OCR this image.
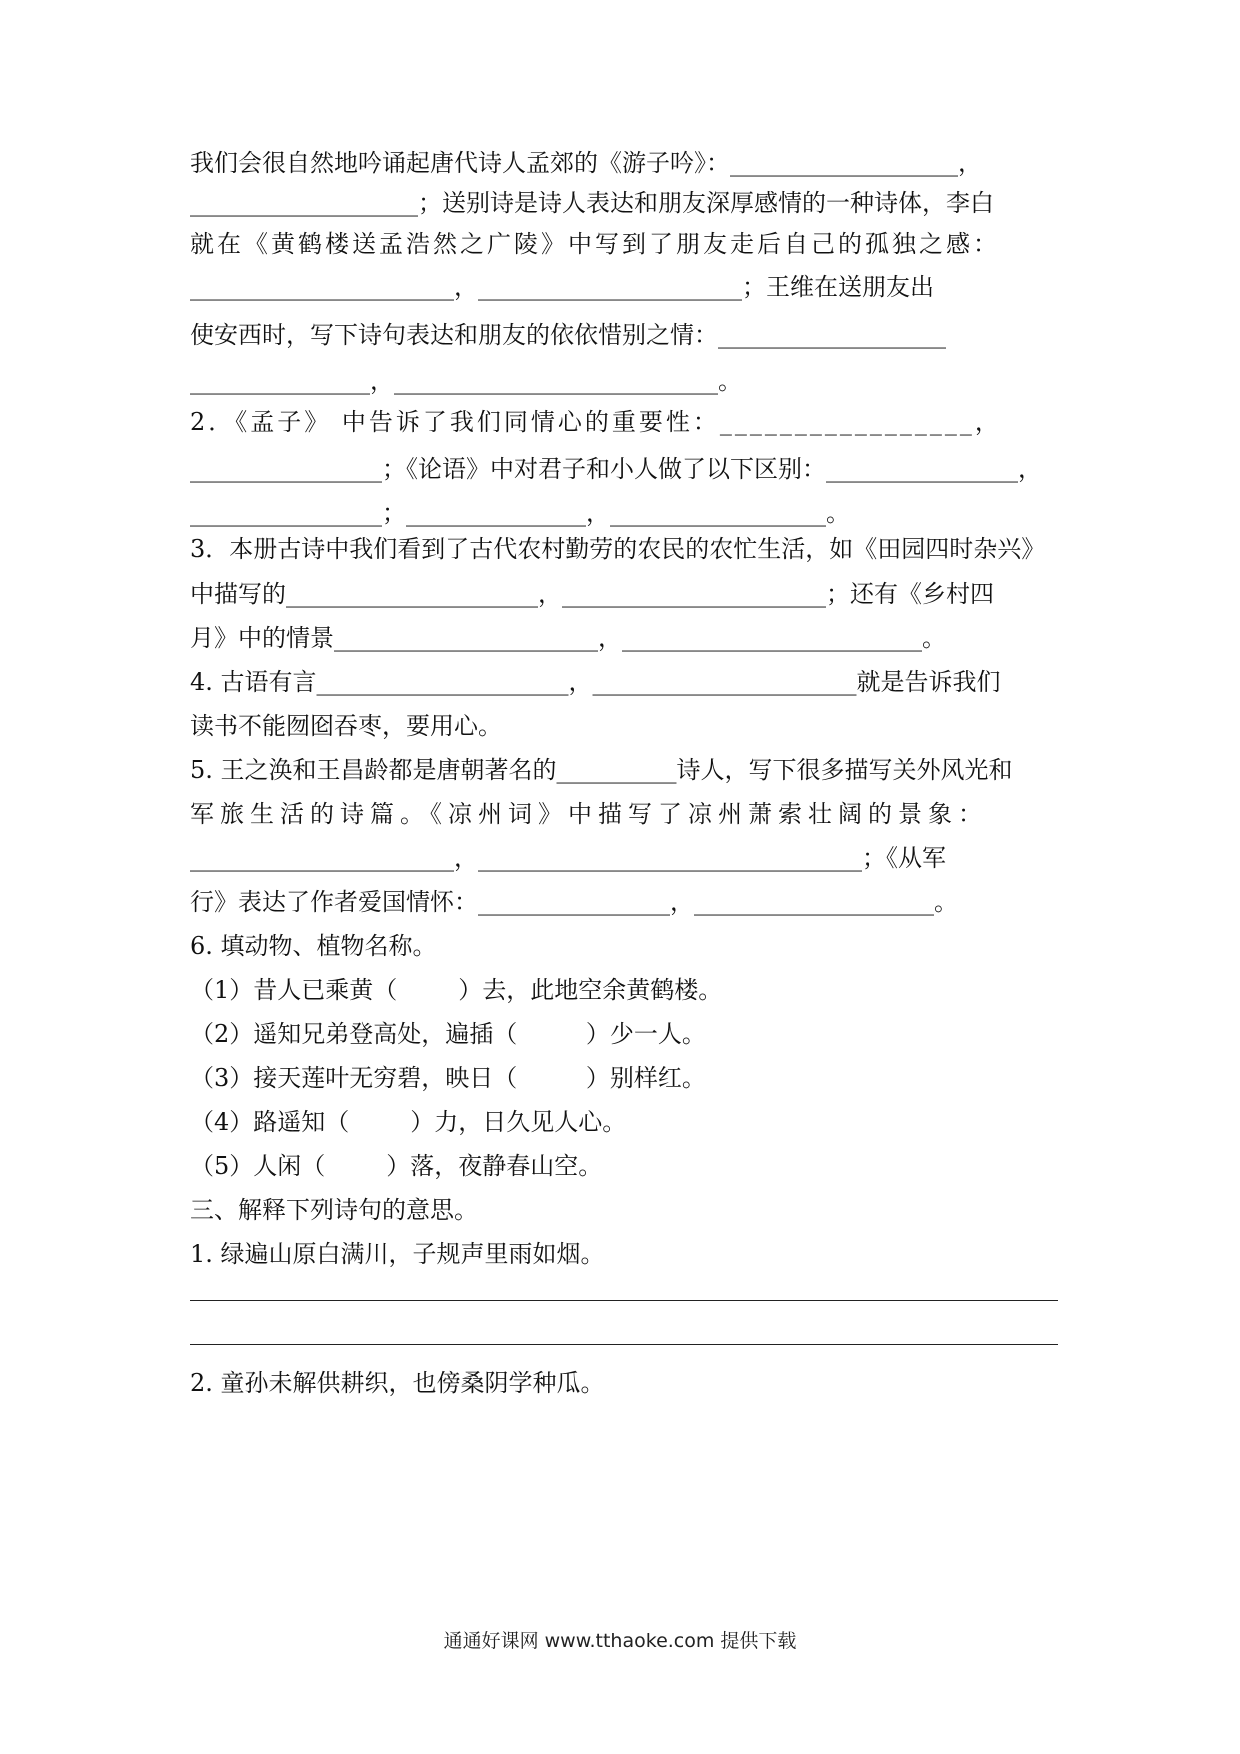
我们会很自然地吟诵起唐代诗人孟郊的《游子吟》：___________________，
___________________；送别诗是诗人表达和朋友深厚感情的一种诗体，李白
就在《黄鹤楼送孟浩然之广陵》中写到了朋友走后自己的孤独之感：
______________________，______________________；王维在送朋友出
使安西时，写下诗句表达和朋友的依依惜别之情：___________________
_______________，___________________________。
2．《孟子》 中告诉了我们同情心的重要性：_________________，
________________；《论语》中对君子和小人做了以下区别：________________，
________________；_______________，__________________。
3．本册古诗中我们看到了古代农村勤劳的农民的农忙生活，如《田园四时杂兴》
中描写的_____________________，______________________；还有《乡村四
月》中的情景______________________，_________________________。
4. 古语有言_____________________，______________________就是告诉我们
读书不能囫囵吞枣，要用心。
5. 王之涣和王昌龄都是唐朝著名的__________诗人，写下很多描写关外风光和
军旅生活的诗篇。《凉州词》中描写了凉州萧索壮阔的景象：
______________________，________________________________；《从军
行》表达了作者爱国情怀：________________，____________________。
6. 填动物、植物名称。
（1）昔人已乘黄（        ）去，此地空余黄鹤楼。
（2）遥知兄弟登高处，遍插（         ）少一人。
（3）接天莲叶无穷碧，映日（         ）别样红。
（4）路遥知（        ）力，日久见人心。
（5）人闲（        ）落，夜静春山空。
三、解释下列诗句的意思。
1. 绿遍山原白满川，子规声里雨如烟。
2. 童孙未解供耕织，也傍桑阴学种瓜。
通通好课网 www.tthaoke.com 提供下载
